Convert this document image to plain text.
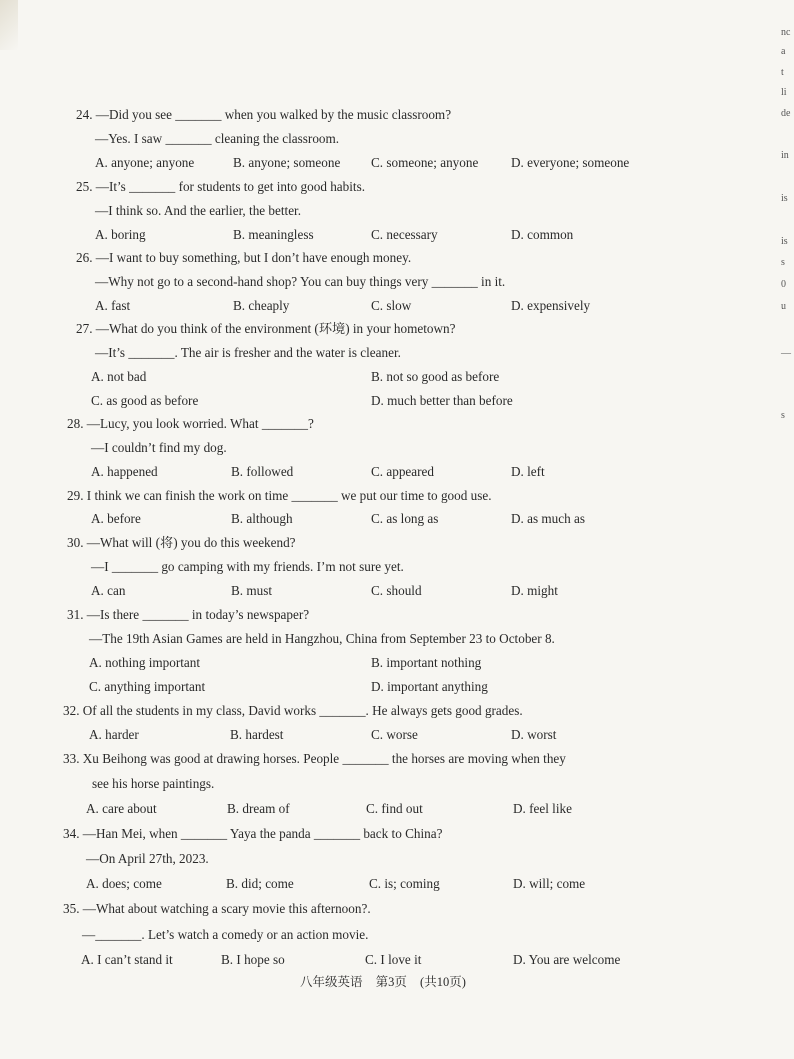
24. —Did you see _______ when you walked by the music classroom?
—Yes. I saw _______ cleaning the classroom.
A. anyone; anyone	B. anyone; someone C. someone; anyone D. everyone; someone
25. —It’s _______ for students to get into good habits.
—I think so. And the earlier, the better.
A. boring	B. meaningless	C. necessary	D. common
26. —I want to buy something, but I don’t have enough money.
—Why not go to a second-hand shop? You can buy things very _______ in it.
A. fast	B. cheaply	C. slow	D. expensively
27. —What do you think of the environment (环境) in your hometown?
—It’s _______. The air is fresher and the water is cleaner.
A. not bad	B. not so good as before
C. as good as before	D. much better than before
28. —Lucy, you look worried. What _______?
—I couldn’t find my dog.
A. happened	B. followed	C. appeared	D. left
29. I think we can finish the work on time _______ we put our time to good use.
A. before	B. although	C. as long as	D. as much as
30. —What will (将) you do this weekend?
—I _______ go camping with my friends. I’m not sure yet.
A. can	B. must	C. should	D. might
31. —Is there _______ in today’s newspaper?
—The 19th Asian Games are held in Hangzhou, China from September 23 to October 8.
A. nothing important	B. important nothing
C. anything important	D. important anything
32. Of all the students in my class, David works _______. He always gets good grades.
A. harder	B. hardest	C. worse	D. worst
33. Xu Beihong was good at drawing horses. People _______ the horses are moving when they
see his horse paintings.
A. care about	B. dream of	C. find out	D. feel like
34. —Han Mei, when _______ Yaya the panda _______ back to China?
—On April 27th, 2023.
A. does; come	B. did; come	C. is; coming	D. will; come
35. —What about watching a scary movie this afternoon?.
—_______. Let’s watch a comedy or an action movie.
A. I can’t stand it	B. I hope so	C. I love it	D. You are welcome
八年级英语 第3页 (共10页)
nc
a
t
li
de
in
is
is
s
0
u
—
s
